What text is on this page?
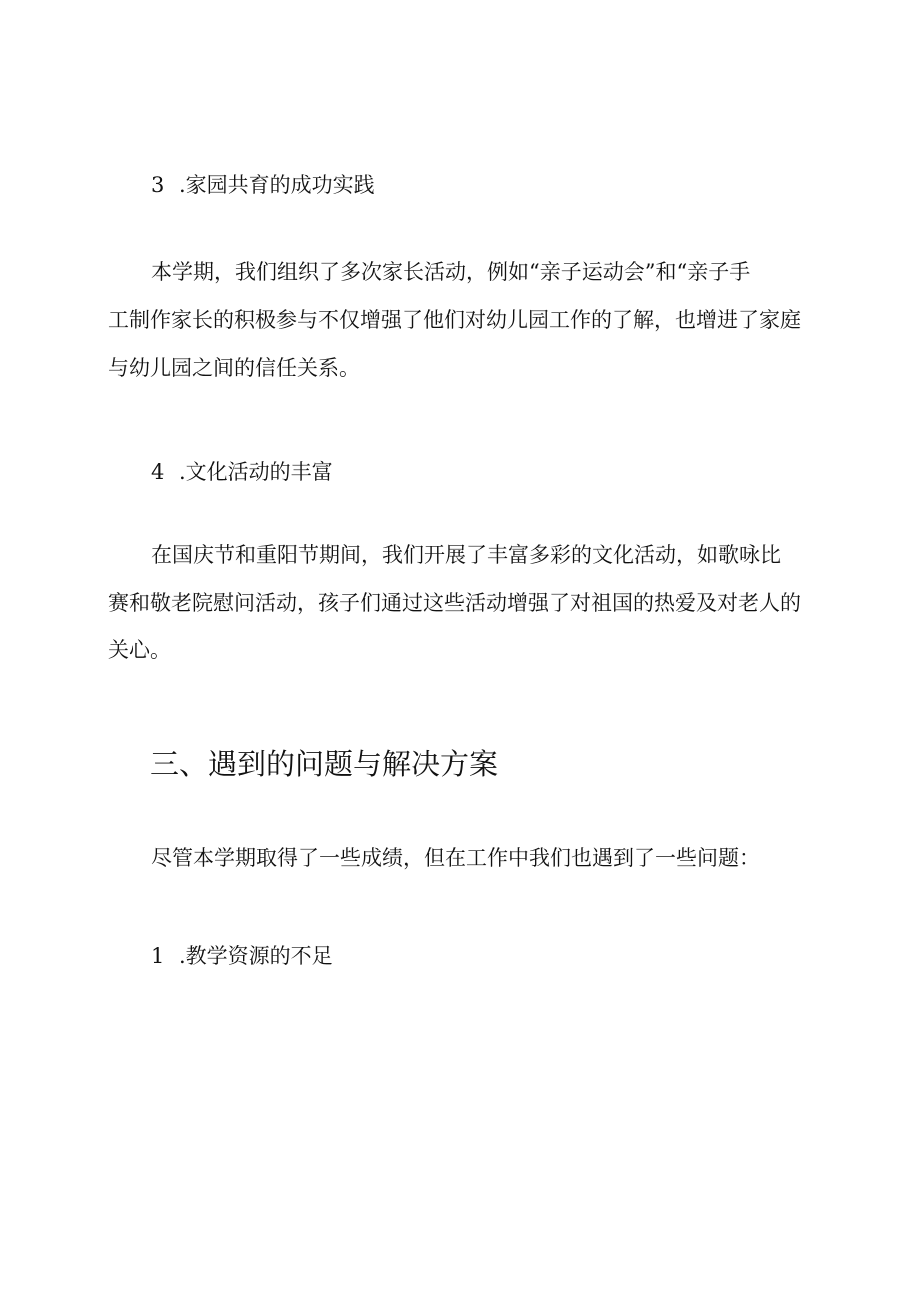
3 .家园共育的成功实践
本学期，我们组织了多次家长活动，例如“亲子运动会”和“亲子手
工制作家长的积极参与不仅增强了他们对幼儿园工作的了解，也增进了家庭
与幼儿园之间的信任关系。
4 .文化活动的丰富
在国庆节和重阳节期间，我们开展了丰富多彩的文化活动，如歌咏比
赛和敬老院慰问活动，孩子们通过这些活动增强了对祖国的热爱及对老人的
关心。
三、遇到的问题与解决方案
尽管本学期取得了一些成绩，但在工作中我们也遇到了一些问题：
1 .教学资源的不足
